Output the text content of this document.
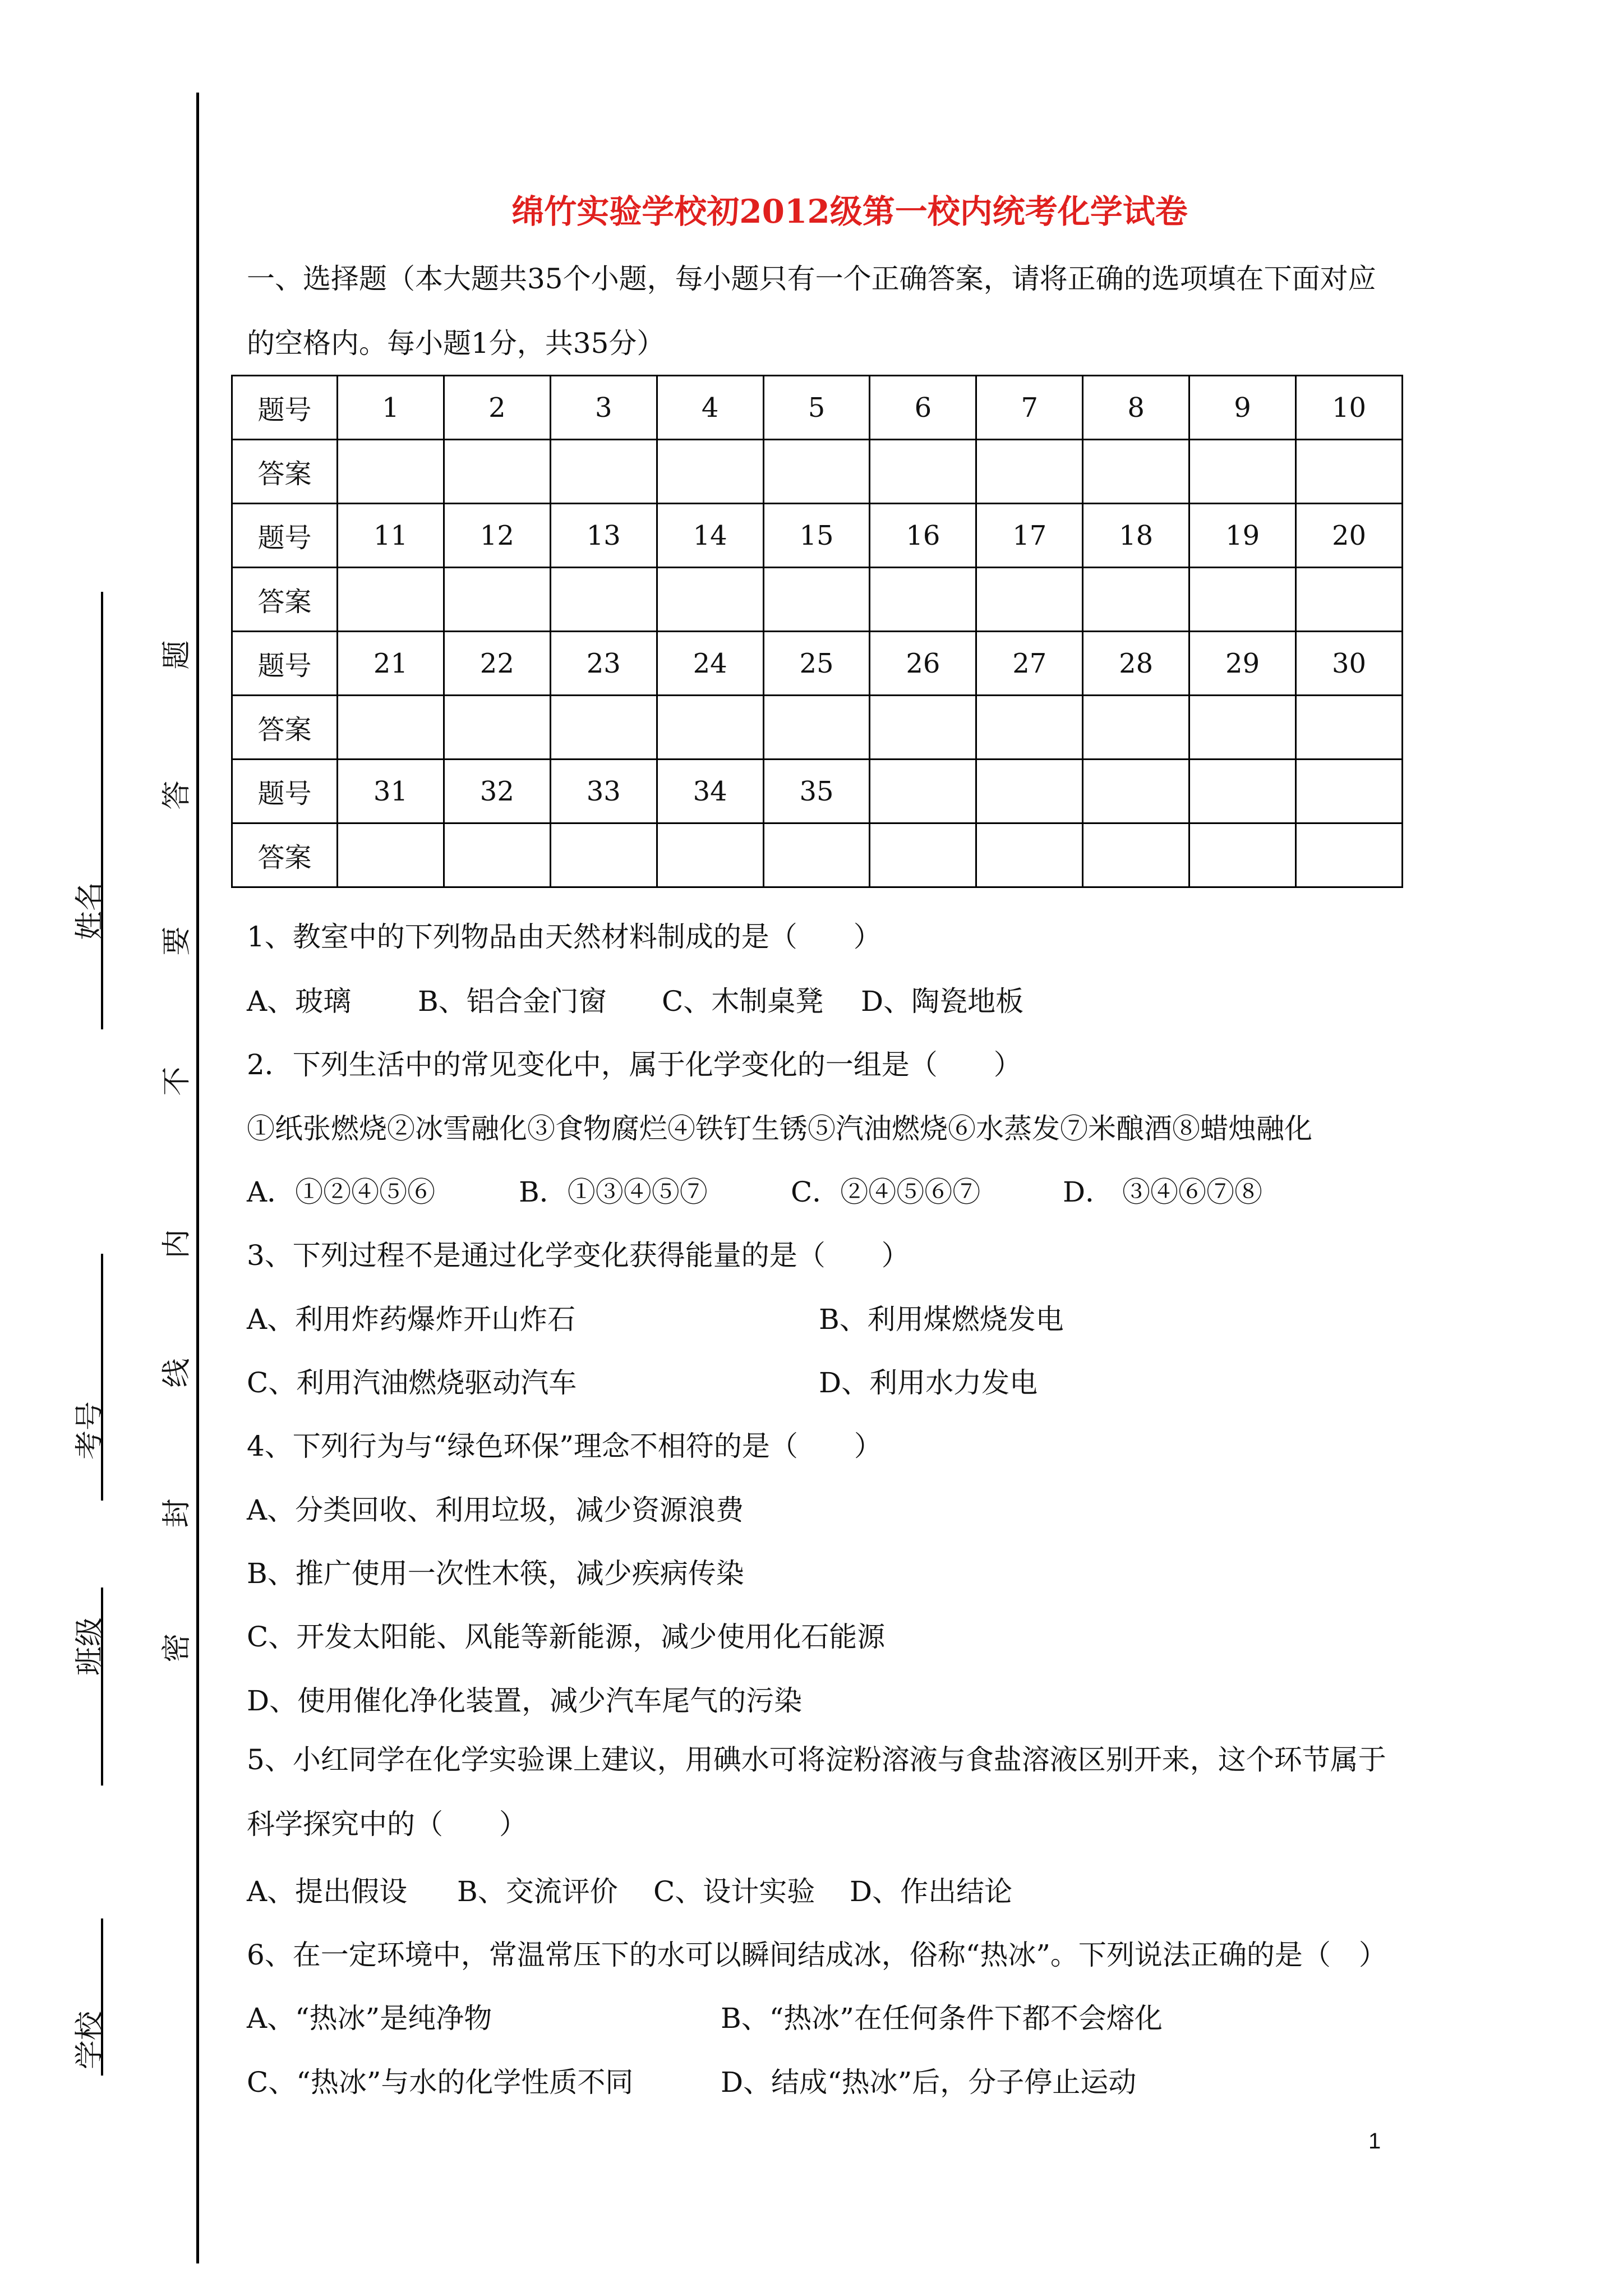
姓名
考号
班级
学校
密
封
线
内
不
要
答
题
绵竹实验学校初2012级第一校内统考化学试卷
一、选择题（本大题共35个小题，每小题只有一个正确答案，请将正确的选项填在下面对应的空格内。每小题1分，共35分）
题号	1	2	3	4	5	6	7	8	9	10
答案										
题号	11	12	13	14	15	16	17	18	19	20
答案										
题号	21	22	23	24	25	26	27	28	29	30
答案										
题号	31	32	33	34	35					
答案										
1、教室中的下列物品由天然材料制成的是（　　）
A、玻璃 B、铝合金门窗 C、木制桌凳 D、陶瓷地板
2．下列生活中的常见变化中，属于化学变化的一组是（　　）
①纸张燃烧②冰雪融化③食物腐烂④铁钉生锈⑤汽油燃烧⑥水蒸发⑦米酿酒⑧蜡烛融化
A．①②④⑤⑥	B．①③④⑤⑦	C．②④⑤⑥⑦	D． ③④⑥⑦⑧
3、下列过程不是通过化学变化获得能量的是（　　）
A、利用炸药爆炸开山炸石	B、利用煤燃烧发电
C、利用汽油燃烧驱动汽车	D、利用水力发电
4、下列行为与“绿色环保”理念不相符的是（　　）
A、分类回收、利用垃圾，减少资源浪费
B、推广使用一次性木筷，减少疾病传染
C、开发太阳能、风能等新能源，减少使用化石能源
D、使用催化净化装置，减少汽车尾气的污染
5、小红同学在化学实验课上建议，用碘水可将淀粉溶液与食盐溶液区别开来，这个环节属于科学探究中的（　　）
A、提出假设 B、交流评价 C、设计实验 D、作出结论
6、在一定环境中，常温常压下的水可以瞬间结成冰，俗称“热冰”。下列说法正确的是（　）
A、“热冰”是纯净物	B、“热冰”在任何条件下都不会熔化
C、“热冰”与水的化学性质不同	D、结成“热冰”后，分子停止运动
1
